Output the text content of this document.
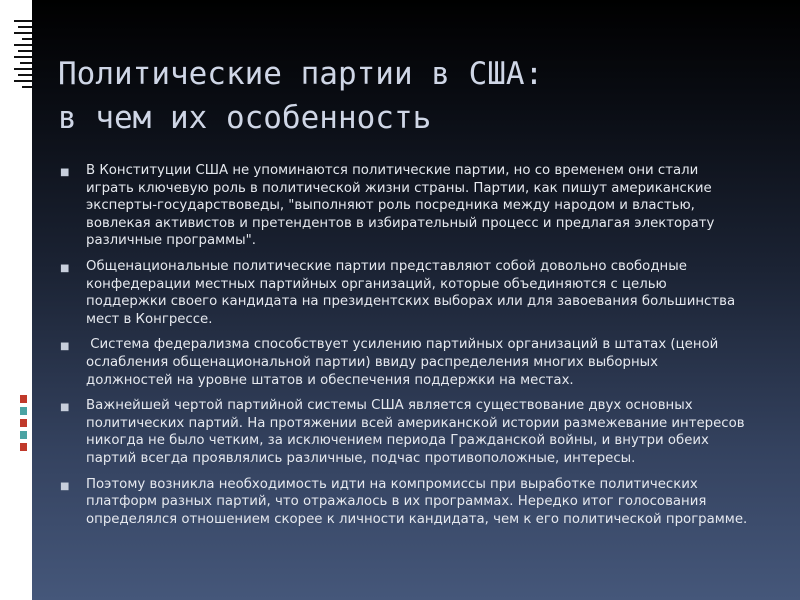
Политические партии в США:
в чем их особенность
■ В Конституции США не упоминаются политические партии, но со временем они стали играть ключевую роль в политической жизни страны. Партии, как пишут американские эксперты-государствоведы, "выполняют роль посредника между народом и властью, вовлекая активистов и претендентов в избирательный процесс и предлагая электорату различные программы".
■ Общенациональные политические партии представляют собой довольно свободные конфедерации местных партийных организаций, которые объединяются с целью поддержки своего кандидата на президентских выборах или для завоевания большинства мест в Конгрессе.
■ Система федерализма способствует усилению партийных организаций в штатах (ценой ослабления общенациональной партии) ввиду распределения многих выборных должностей на уровне штатов и обеспечения поддержки на местах.
■ Важнейшей чертой партийной системы США является существование двух основных политических партий. На протяжении всей американской истории размежевание интересов никогда не было четким, за исключением периода Гражданской войны, и внутри обеих партий всегда проявлялись различные, подчас противоположные, интересы.
■ Поэтому возникла необходимость идти на компромиссы при выработке политических платформ разных партий, что отражалось в их программах. Нередко итог голосования определялся отношением скорее к личности кандидата, чем к его политической программе.
